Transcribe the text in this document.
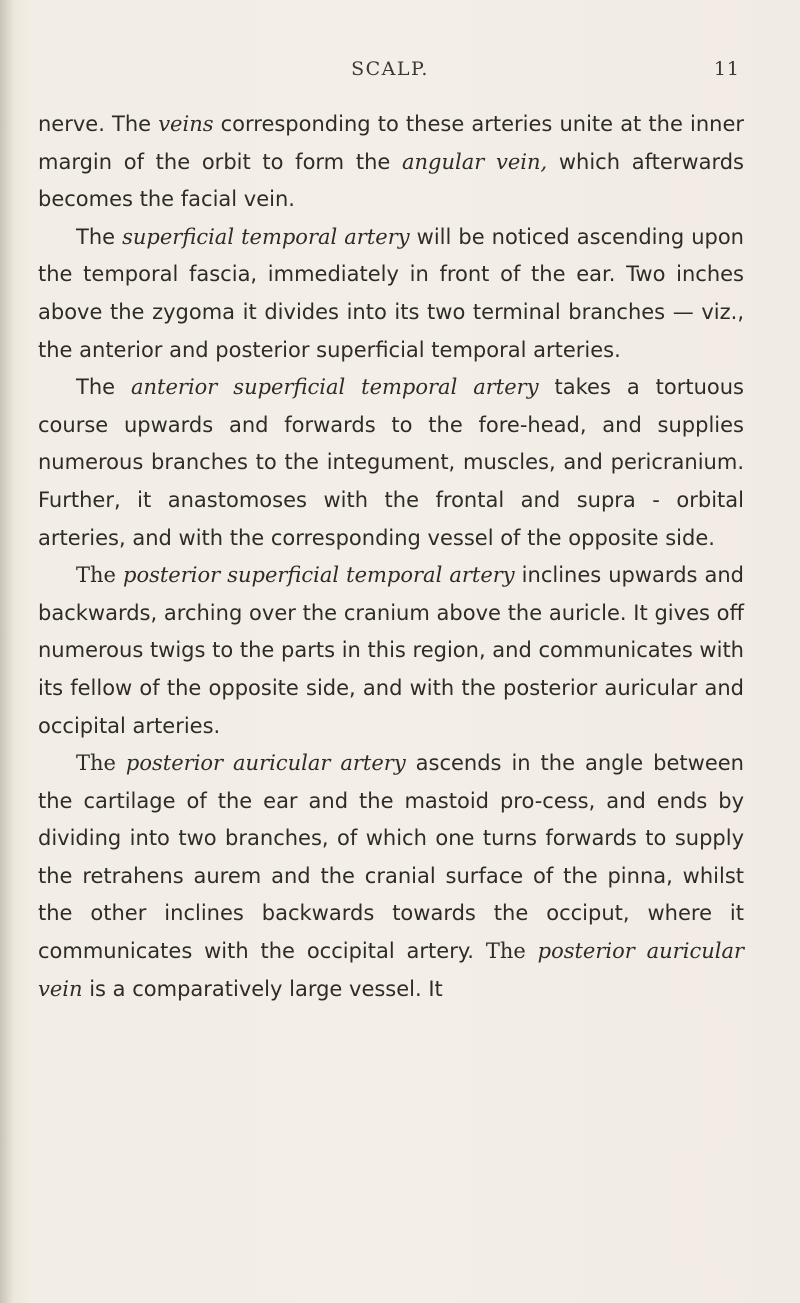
SCALP.	11

nerve. The veins corresponding to these arteries unite at the inner margin of the orbit to form the angular vein, which afterwards becomes the facial vein.

The superficial temporal artery will be noticed ascending upon the temporal fascia, immediately in front of the ear. Two inches above the zygoma it divides into its two terminal branches — viz., the anterior and posterior superficial temporal arteries.

The anterior superficial temporal artery takes a tortuous course upwards and forwards to the fore-head, and supplies numerous branches to the integument, muscles, and pericranium. Further, it anastomoses with the frontal and supra - orbital arteries, and with the corresponding vessel of the opposite side.

The posterior superficial temporal artery inclines upwards and backwards, arching over the cranium above the auricle. It gives off numerous twigs to the parts in this region, and communicates with its fellow of the opposite side, and with the posterior auricular and occipital arteries.

The posterior auricular artery ascends in the angle between the cartilage of the ear and the mastoid pro-cess, and ends by dividing into two branches, of which one turns forwards to supply the retrahens aurem and the cranial surface of the pinna, whilst the other inclines backwards towards the occiput, where it communicates with the occipital artery. The posterior auricular vein is a comparatively large vessel. It
